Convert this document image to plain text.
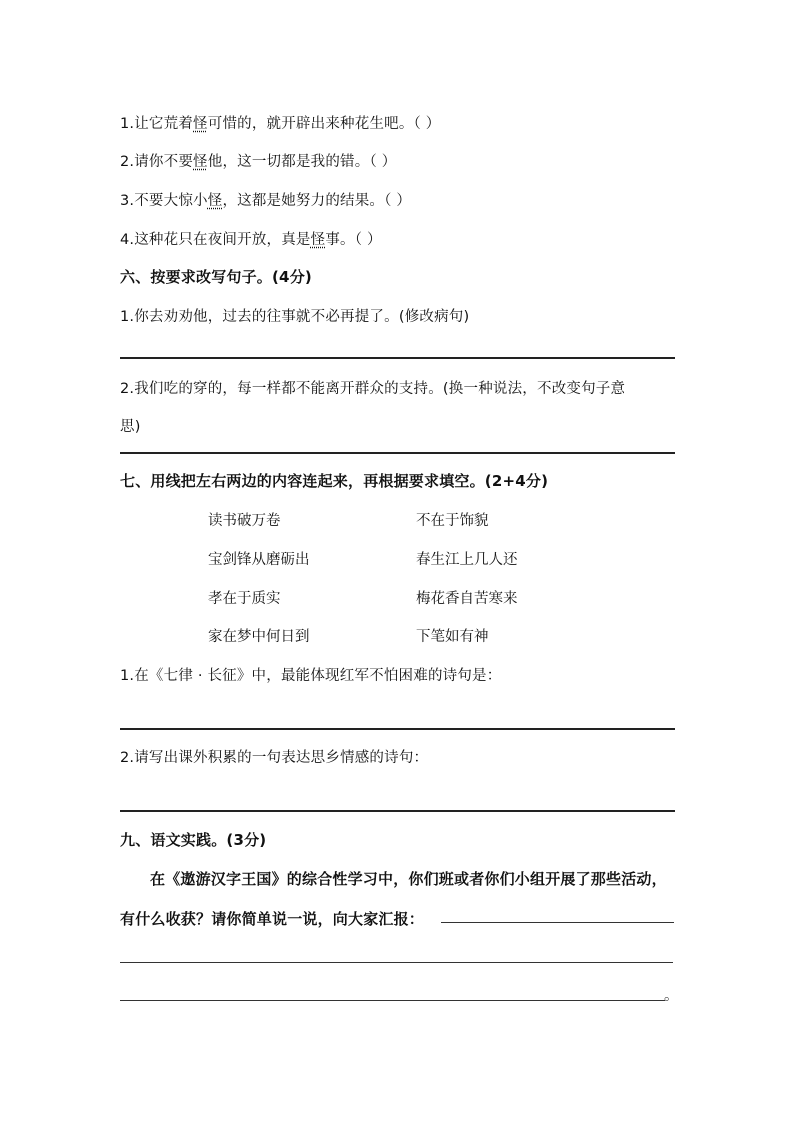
1.让它荒着怪可惜的，就开辟出来种花生吧。（ ）
2.请你不要怪他，这一切都是我的错。（ ）
3.不要大惊小怪，这都是她努力的结果。（ ）
4.这种花只在夜间开放，真是怪事。（ ）
六、按要求改写句子。(4分)
1.你去劝劝他，过去的往事就不必再提了。(修改病句)
2.我们吃的穿的，每一样都不能离开群众的支持。(换一种说法，不改变句子意
思)
七、用线把左右两边的内容连起来，再根据要求填空。(2+4分)
读书破万卷
宝剑锋从磨砺出
孝在于质实
家在梦中何日到
不在于饰貌
春生江上几人还
梅花香自苦寒来
下笔如有神
1.在《七律 · 长征》中，最能体现红军不怕困难的诗句是：
2.请写出课外积累的一句表达思乡情感的诗句：
九、语文实践。(3分)
在《遨游汉字王国》的综合性学习中，你们班或者你们小组开展了那些活动，
有什么收获？请你简单说一说，向大家汇报：
。
